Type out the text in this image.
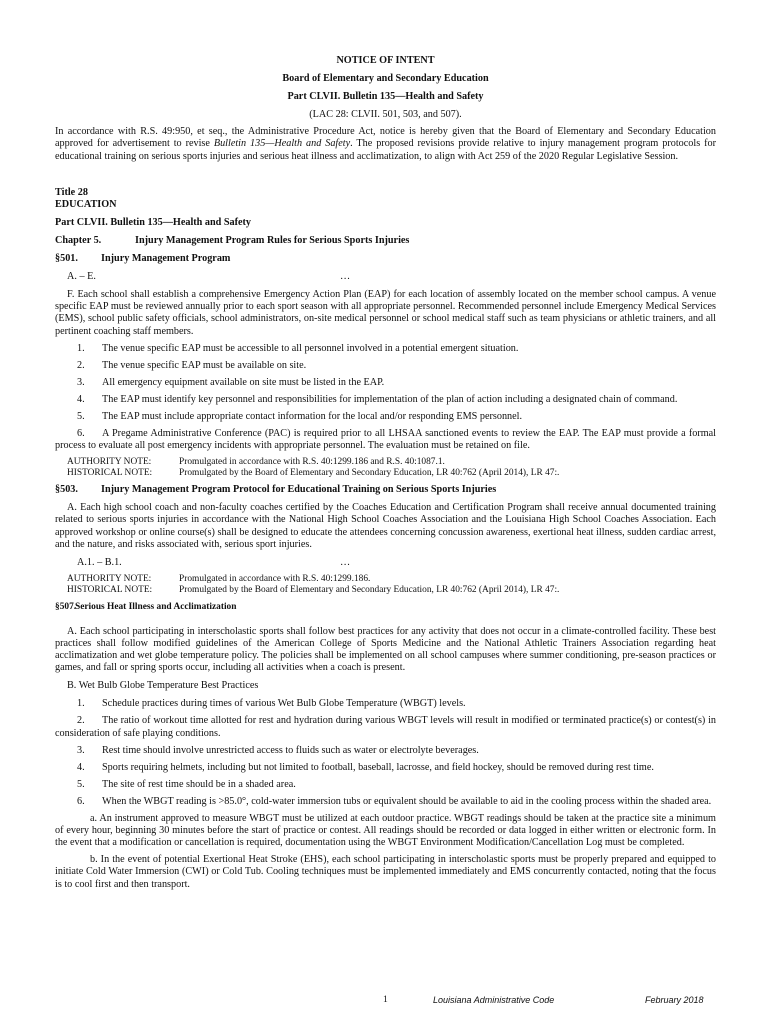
NOTICE OF INTENT

Board of Elementary and Secondary Education

Part CLVII. Bulletin 135—Health and Safety

(LAC 28: CLVII. 501, 503, and 507).

In accordance with R.S. 49:950, et seq., the Administrative Procedure Act, notice is hereby given that the Board of Elementary and Secondary Education approved for advertisement to revise Bulletin 135—Health and Safety. The proposed revisions provide relative to injury management program protocols for educational training on serious sports injuries and serious heat illness and acclimatization, to align with Act 259 of the 2020 Regular Legislative Session.

Title 28

EDUCATION

Part CLVII. Bulletin 135—Health and Safety

Chapter 5.	Injury Management Program Rules for Serious Sports Injuries
§501.	Injury Management Program
A. – E.	…

F. Each school shall establish a comprehensive Emergency Action Plan (EAP) for each location of assembly located on the member school campus. A venue specific EAP must be reviewed annually prior to each sport season with all appropriate personnel. Recommended personnel include Emergency Medical Services (EMS), school public safety officials, school administrators, on-site medical personnel or school medical staff such as team physicians or athletic trainers, and all pertinent coaching staff members.

1. The venue specific EAP must be accessible to all personnel involved in a potential emergent situation.

2. The venue specific EAP must be available on site.

3. All emergency equipment available on site must be listed in the EAP.

4. The EAP must identify key personnel and responsibilities for implementation of the plan of action including a designated chain of command.

5. The EAP must include appropriate contact information for the local and/or responding EMS personnel.

6. A Pregame Administrative Conference (PAC) is required prior to all LHSAA sanctioned events to review the EAP. The EAP must provide a formal process to evaluate all post emergency incidents with appropriate personnel. The evaluation must be retained on file.

AUTHORITY NOTE:	Promulgated in accordance with R.S. 40:1299.186 and R.S. 40:1087.1.
HISTORICAL NOTE:	Promulgated by the Board of Elementary and Secondary Education, LR 40:762 (April 2014), LR 47:.
§503.	Injury Management Program Protocol for Educational Training on Serious Sports Injuries

A. Each high school coach and non-faculty coaches certified by the Coaches Education and Certification Program shall receive annual documented training related to serious sports injuries in accordance with the National High School Coaches Association and the Louisiana High School Coaches Association. Each approved workshop or online course(s) shall be designed to educate the attendees concerning concussion awareness, exertional heat illness, sudden cardiac arrest, and the nature, and risks associated with, serious sport injuries.

A.1. – B.1.	…
AUTHORITY NOTE:	Promulgated in accordance with R.S. 40:1299.186.
HISTORICAL NOTE:	Promulgated by the Board of Elementary and Secondary Education, LR 40:762 (April 2014), LR 47:.
§507.
Serious Heat Illness and Acclimatization

A. Each school participating in interscholastic sports shall follow best practices for any activity that does not occur in a climate-controlled facility. These best practices shall follow modified guidelines of the American College of Sports Medicine and the National Athletic Trainers Association regarding heat acclimatization and wet globe temperature policy. The policies shall be implemented on all school campuses where summer conditioning, pre-season practices or games, and fall or spring sports occur, including all activities when a coach is present.

B. Wet Bulb Globe Temperature Best Practices

1. Schedule practices during times of various Wet Bulb Globe Temperature (WBGT) levels.

2. The ratio of workout time allotted for rest and hydration during various WBGT levels will result in modified or terminated practice(s) or contest(s) in consideration of safe playing conditions.

3. Rest time should involve unrestricted access to fluids such as water or electrolyte beverages.

4. Sports requiring helmets, including but not limited to football, baseball, lacrosse, and field hockey, should be removed during rest time.

5. The site of rest time should be in a shaded area.

6. When the WBGT reading is >85.0°, cold-water immersion tubs or equivalent should be available to aid in the cooling process within the shaded area.

a. An instrument approved to measure WBGT must be utilized at each outdoor practice. WBGT readings should be taken at the practice site a minimum of every hour, beginning 30 minutes before the start of practice or contest. All readings should be recorded or data logged in either written or electronic form. In the event that a modification or cancellation is required, documentation using the WBGT Environment Modification/Cancellation Log must be completed.

b. In the event of potential Exertional Heat Stroke (EHS), each school participating in interscholastic sports must be properly prepared and equipped to initiate Cold Water Immersion (CWI) or Cold Tub. Cooling techniques must be implemented immediately and EMS concurrently contacted, noting that the focus is to cool first and then transport.

1	Louisiana Administrative Code	February 2018
